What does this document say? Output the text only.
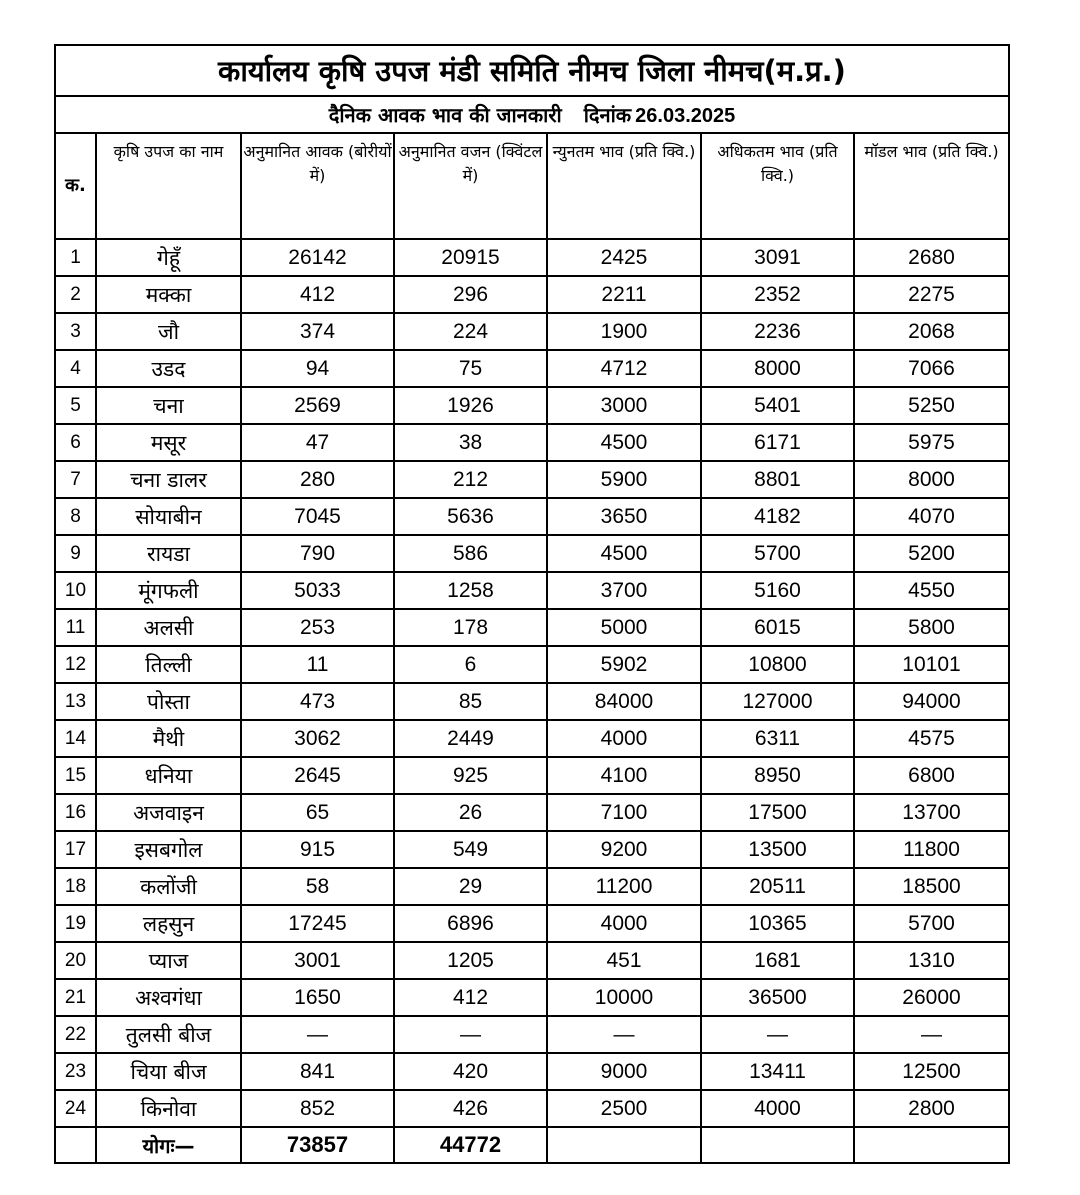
कार्यालय कृषि उपज मंडी समिति नीमच जिला नीमच(म.प्र.)						
दैनिक आवक भाव की जानकारी दिनांक 26.03.2025						
क.	कृषि उपज का नाम	अनुमानित आवक (बोरीयों में)	अनुमानित वजन (क्विंटल में)	न्युनतम भाव (प्रति क्वि.)	अधिकतम भाव (प्रति क्वि.)	मॉडल भाव (प्रति क्वि.)
1	गेहूँ	26142	20915	2425	3091	2680
2	मक्का	412	296	2211	2352	2275
3	जौ	374	224	1900	2236	2068
4	उडद	94	75	4712	8000	7066
5	चना	2569	1926	3000	5401	5250
6	मसूर	47	38	4500	6171	5975
7	चना डालर	280	212	5900	8801	8000
8	सोयाबीन	7045	5636	3650	4182	4070
9	रायडा	790	586	4500	5700	5200
10	मूंगफली	5033	1258	3700	5160	4550
11	अलसी	253	178	5000	6015	5800
12	तिल्ली	11	6	5902	10800	10101
13	पोस्ता	473	85	84000	127000	94000
14	मैथी	3062	2449	4000	6311	4575
15	धनिया	2645	925	4100	8950	6800
16	अजवाइन	65	26	7100	17500	13700
17	इसबगोल	915	549	9200	13500	11800
18	कलोंजी	58	29	11200	20511	18500
19	लहसुन	17245	6896	4000	10365	5700
20	प्याज	3001	1205	451	1681	1310
21	अश्वगंधा	1650	412	10000	36500	26000
22	तुलसी बीज	—	—	—	—	—
23	चिया बीज	841	420	9000	13411	12500
24	किनोवा	852	426	2500	4000	2800
	योगः—	73857	44772			
